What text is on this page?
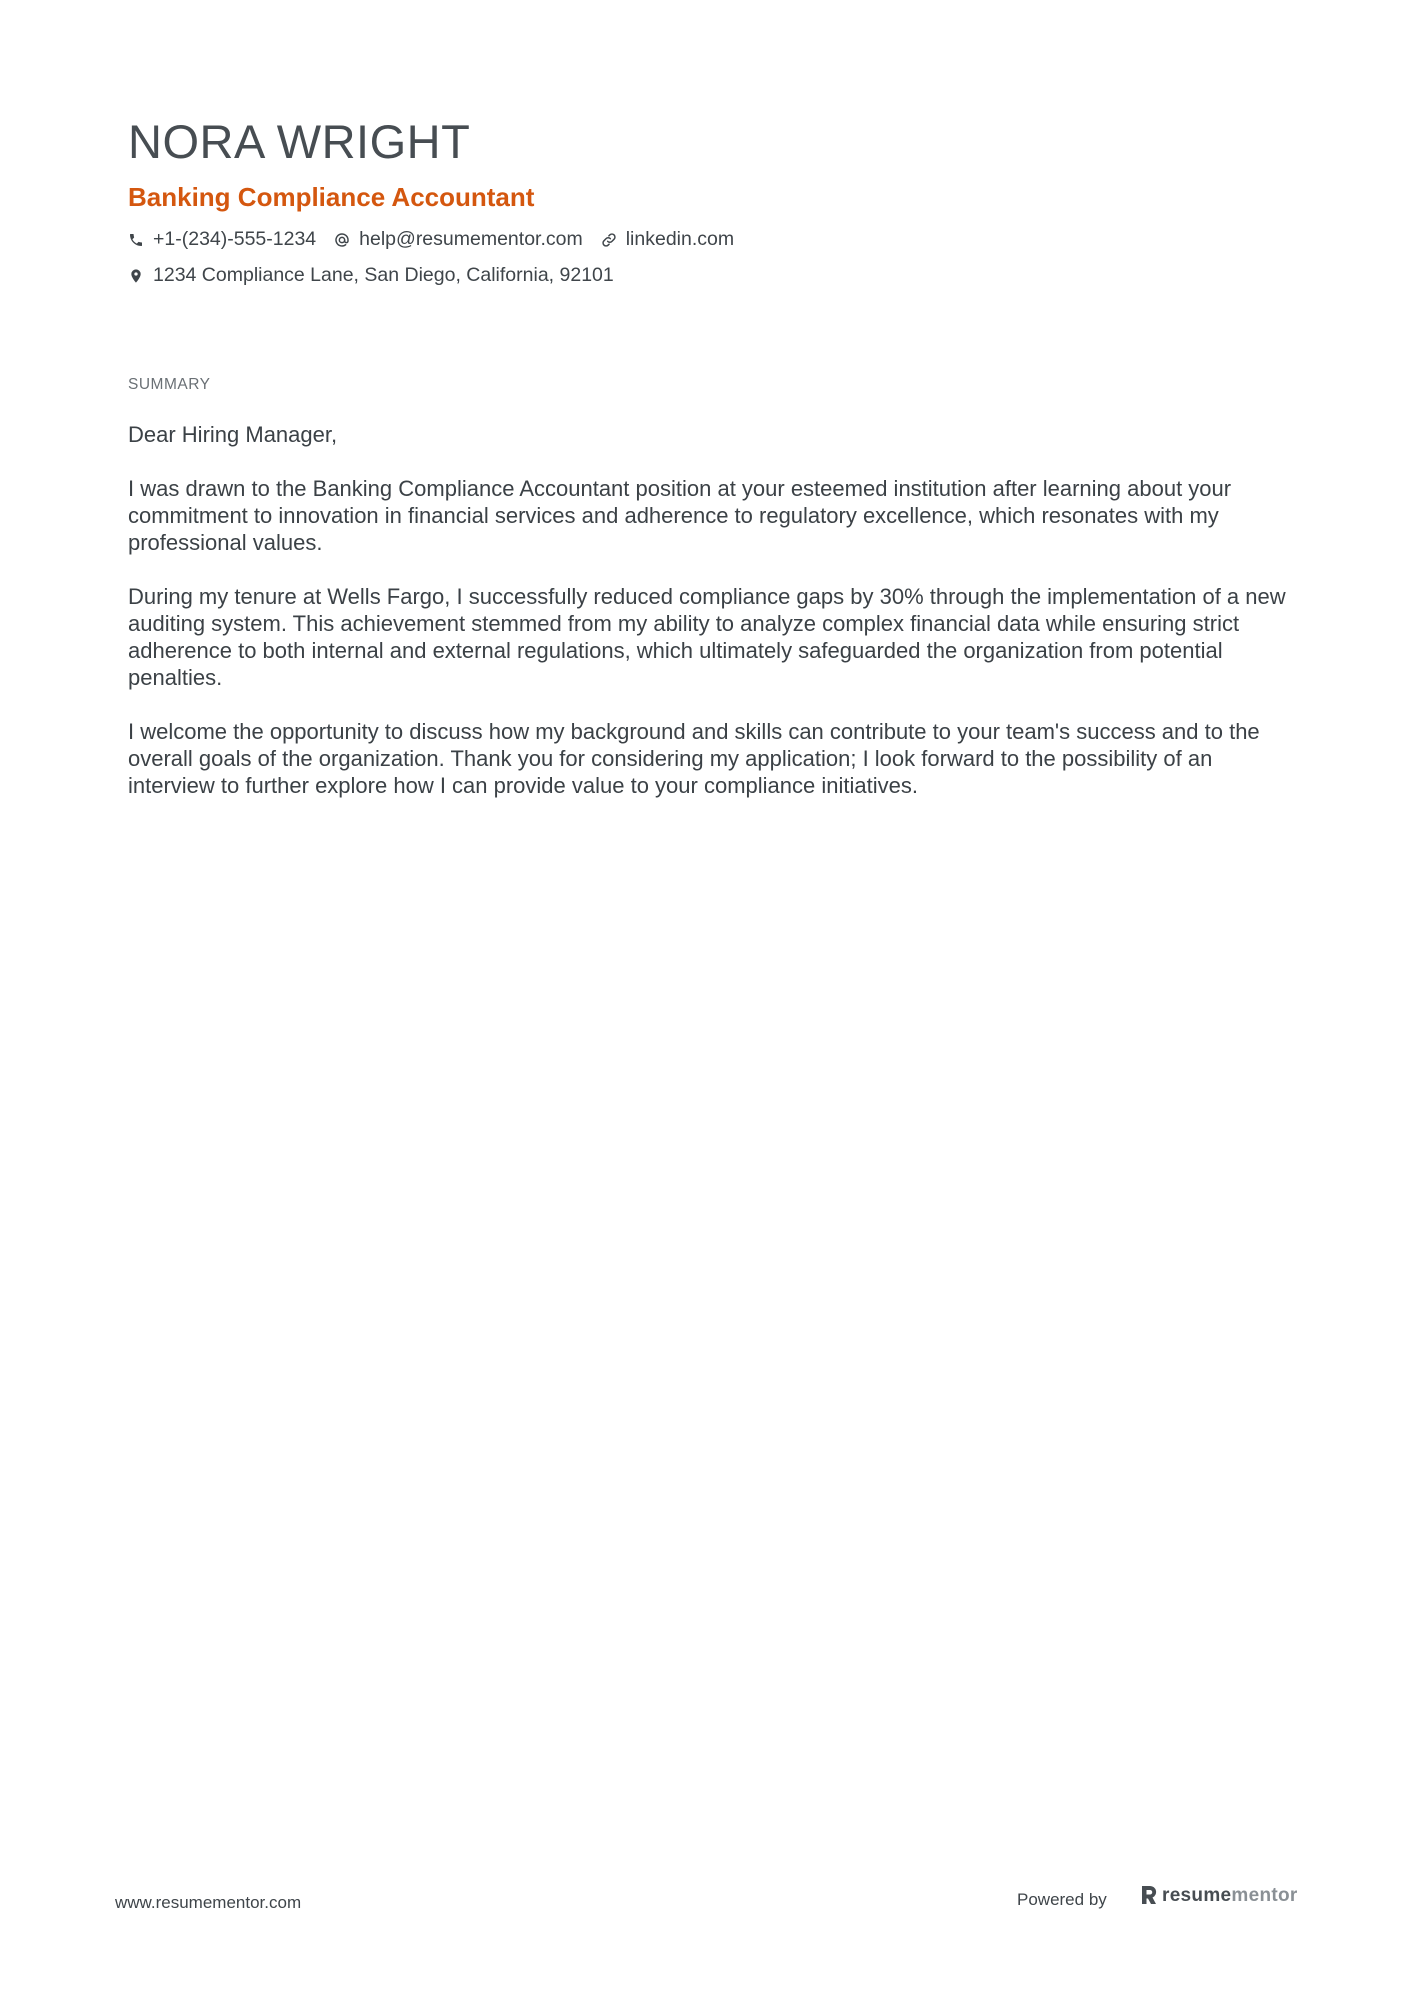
NORA WRIGHT
Banking Compliance Accountant
+1-(234)-555-1234 help@resumementor.com linkedin.com
1234 Compliance Lane, San Diego, California, 92101
SUMMARY

Dear Hiring Manager,

I was drawn to the Banking Compliance Accountant position at your esteemed institution after learning about your commitment to innovation in financial services and adherence to regulatory excellence, which resonates with my professional values.

During my tenure at Wells Fargo, I successfully reduced compliance gaps by 30% through the implementation of a new auditing system. This achievement stemmed from my ability to analyze complex financial data while ensuring strict adherence to both internal and external regulations, which ultimately safeguarded the organization from potential penalties.

I welcome the opportunity to discuss how my background and skills can contribute to your team's success and to the overall goals of the organization. Thank you for considering my application; I look forward to the possibility of an interview to further explore how I can provide value to your compliance initiatives.

www.resumementor.com	Powered by	resumementor
